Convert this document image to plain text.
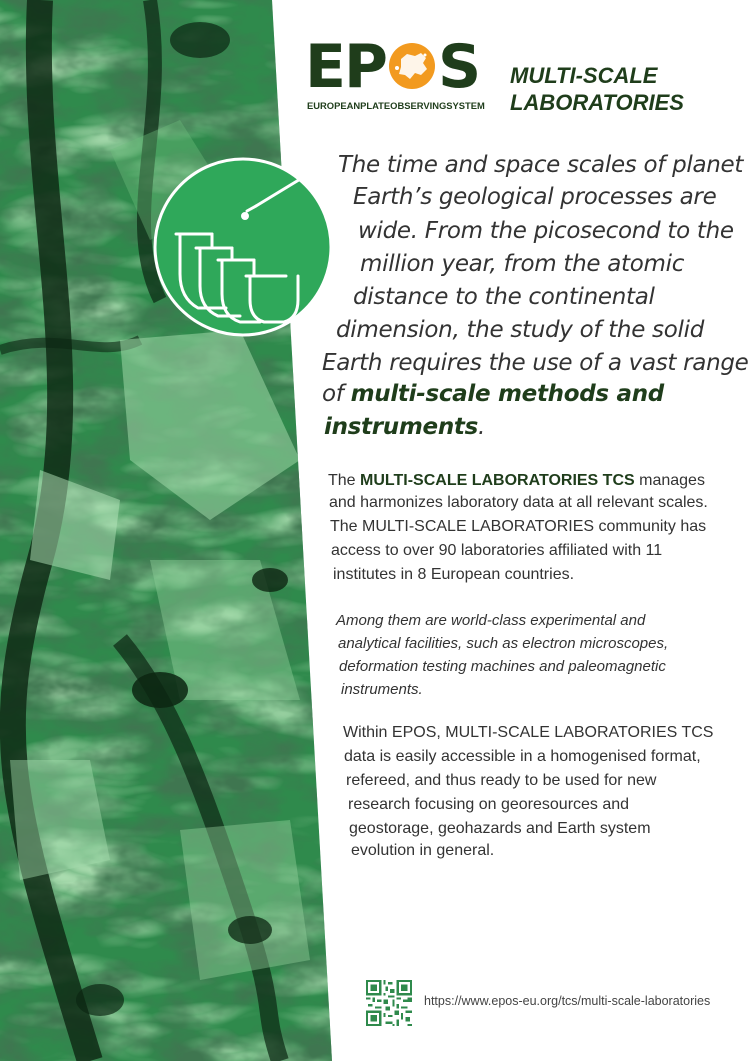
EP S
EUROPEANPLATEOBSERVINGSYSTEM
MULTI-SCALE
LABORATORIES
The time and space scales of planet
Earth’s geological processes are
wide. From the picosecond to the
million year, from the atomic
distance to the continental
dimension, the study of the solid
Earth requires the use of a vast range
of multi-scale methods and
instruments.
The MULTI-SCALE LABORATORIES TCS manages
and harmonizes laboratory data at all relevant scales.
The MULTI-SCALE LABORATORIES community has
access to over 90 laboratories affiliated with 11
institutes in 8 European countries.
Among them are world-class experimental and
analytical facilities, such as electron microscopes,
deformation testing machines and paleomagnetic
instruments.
Within EPOS, MULTI-SCALE LABORATORIES TCS
data is easily accessible in a homogenised format,
refereed, and thus ready to be used for new
research focusing on georesources and
geostorage, geohazards and Earth system
evolution in general.
https://www.epos-eu.org/tcs/multi-scale-laboratories
